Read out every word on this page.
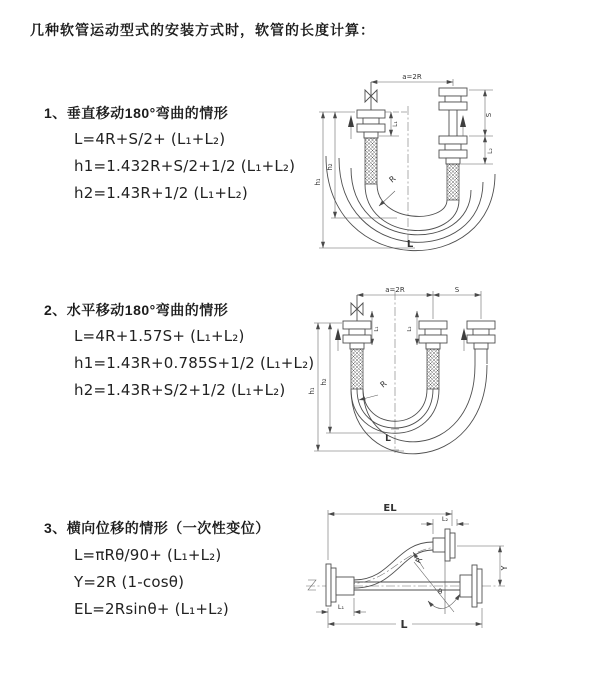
几种软管运动型式的安装方式时，软管的长度计算：
1、垂直移动180°弯曲的情形
L=4R+S/2+ (L₁+L₂)
h1=1.432R+S/2+1/2 (L₁+L₂)
h2=1.43R+1/2 (L₁+L₂)
2、水平移动180°弯曲的情形
L=4R+1.57S+ (L₁+L₂)
h1=1.43R+0.785S+1/2 (L₁+L₂)
h2=1.43R+S/2+1/2 (L₁+L₂)
3、横向位移的情形（一次性变位）
L=πRθ/90+ (L₁+L₂)
Y=2R (1-cosθ)
EL=2Rsinθ+ (L₁+L₂)
a=2R
h₁
h₂
L₁
S
L₂
R
L
a=2R	S
h₁
h₂
L₁	L₂
R
L
EL
L₂
Y
L
L₁
R
θ
